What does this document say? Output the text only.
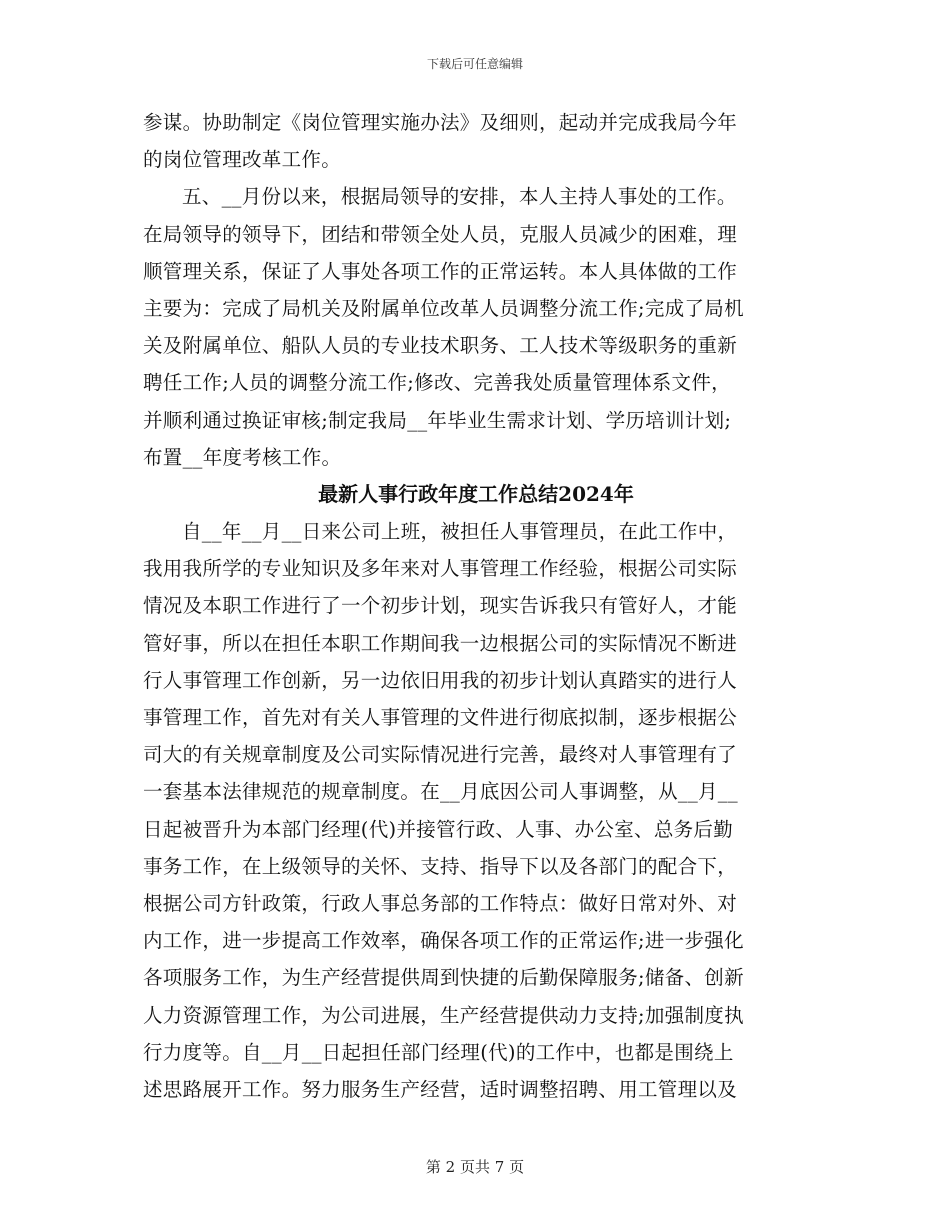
下载后可任意编辑
参谋。协助制定《岗位管理实施办法》及细则，起动并完成我局今年
的岗位管理改革工作。
五、__月份以来，根据局领导的安排，本人主持人事处的工作。
在局领导的领导下，团结和带领全处人员，克服人员减少的困难，理
顺管理关系，保证了人事处各项工作的正常运转。本人具体做的工作
主要为：完成了局机关及附属单位改革人员调整分流工作;完成了局机
关及附属单位、船队人员的专业技术职务、工人技术等级职务的重新
聘任工作;人员的调整分流工作;修改、完善我处质量管理体系文件，
并顺利通过换证审核;制定我局__年毕业生需求计划、学历培训计划;
布置__年度考核工作。
最新人事行政年度工作总结2024年
自__年__月__日来公司上班，被担任人事管理员，在此工作中，
我用我所学的专业知识及多年来对人事管理工作经验，根据公司实际
情况及本职工作进行了一个初步计划，现实告诉我只有管好人，才能
管好事，所以在担任本职工作期间我一边根据公司的实际情况不断进
行人事管理工作创新，另一边依旧用我的初步计划认真踏实的进行人
事管理工作，首先对有关人事管理的文件进行彻底拟制，逐步根据公
司大的有关规章制度及公司实际情况进行完善，最终对人事管理有了
一套基本法律规范的规章制度。在__月底因公司人事调整，从__月__
日起被晋升为本部门经理(代)并接管行政、人事、办公室、总务后勤
事务工作，在上级领导的关怀、支持、指导下以及各部门的配合下，
根据公司方针政策，行政人事总务部的工作特点：做好日常对外、对
内工作，进一步提高工作效率，确保各项工作的正常运作;进一步强化
各项服务工作，为生产经营提供周到快捷的后勤保障服务;储备、创新
人力资源管理工作，为公司进展，生产经营提供动力支持;加强制度执
行力度等。自__月__日起担任部门经理(代)的工作中，也都是围绕上
述思路展开工作。努力服务生产经营，适时调整招聘、用工管理以及
第 2 页共 7 页
